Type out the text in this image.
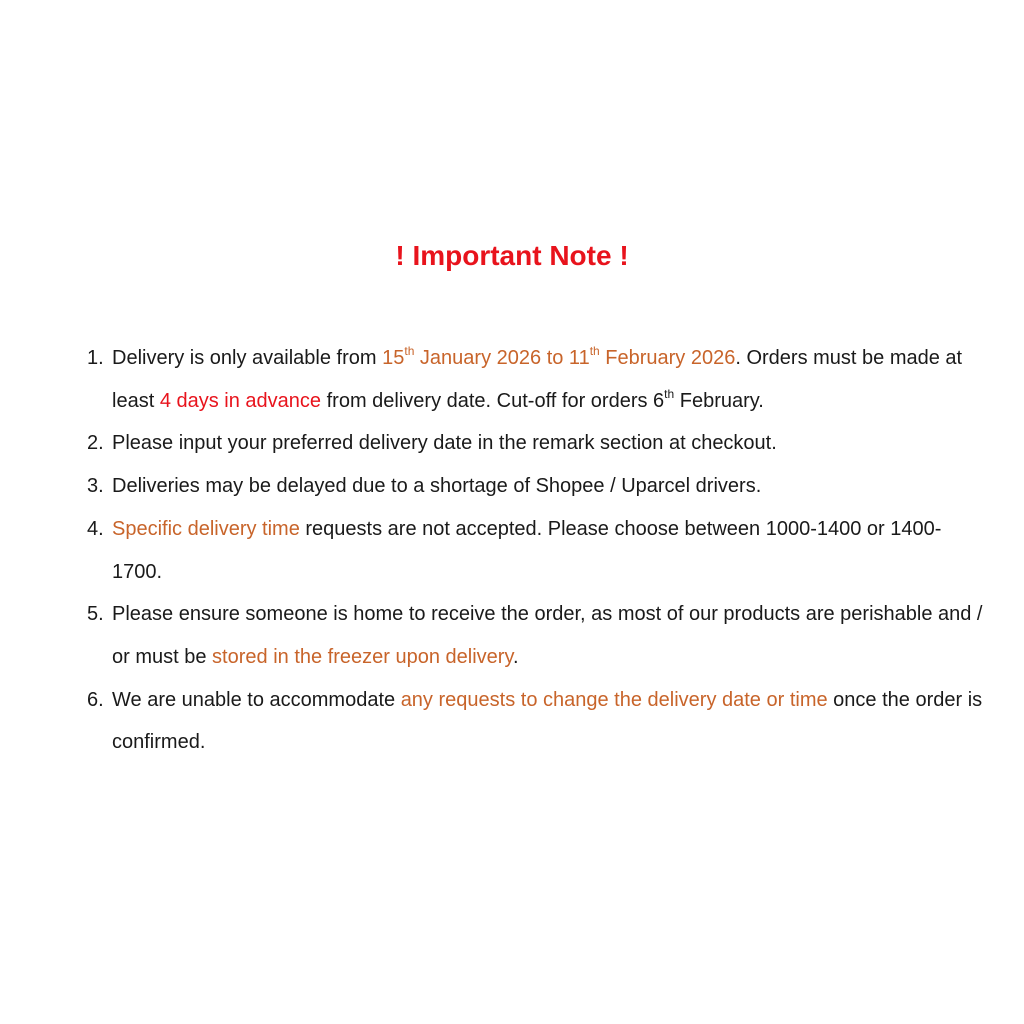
! Important Note !
1. Delivery is only available from 15th January 2026 to 11th February 2026. Orders must be made at least 4 days in advance from delivery date. Cut-off for orders 6th February.
2. Please input your preferred delivery date in the remark section at checkout.
3. Deliveries may be delayed due to a shortage of Shopee / Uparcel drivers.
4. Specific delivery time requests are not accepted. Please choose between 1000-1400 or 1400-1700.
5. Please ensure someone is home to receive the order, as most of our products are perishable and / or must be stored in the freezer upon delivery.
6. We are unable to accommodate any requests to change the delivery date or time once the order is confirmed.
